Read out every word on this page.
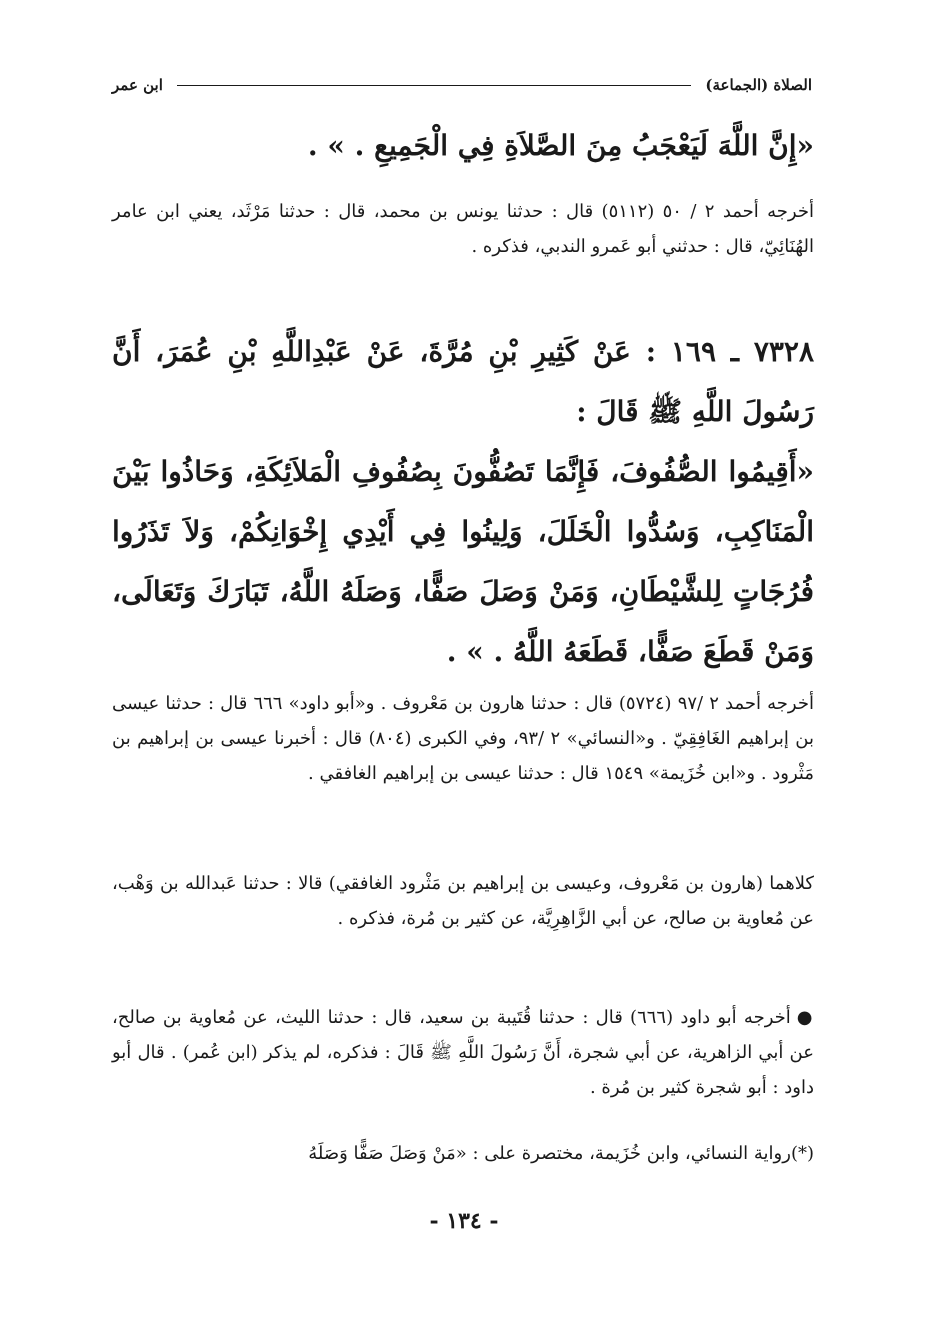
ابن عمر	الصلاة (الجماعة)

«إِنَّ اللَّهَ لَيَعْجَبُ مِنَ الصَّلاَةِ فِي الْجَمِيعِ . » .

أخرجه أحمد ٢ / ٥٠ (٥١١٢) قال : حدثنا يونس بن محمد، قال : حدثنا مَرْثَد، يعني ابن عامر الهُنَائِيّ، قال : حدثني أبو عَمرو الندبي، فذكره .

٧٣٢٨ ـ ١٦٩ : عَنْ كَثِيرِ بْنِ مُرَّةَ، عَنْ عَبْدِاللَّهِ بْنِ عُمَرَ، أَنَّ رَسُولَ اللَّهِ ﷺ قَالَ :

«أَقِيمُوا الصُّفُوفَ، فَإِنَّمَا تَصُفُّونَ بِصُفُوفِ الْمَلاَئِكَةِ، وَحَاذُوا بَيْنَ الْمَنَاكِبِ، وَسُدُّوا الْخَلَلَ، وَلِينُوا فِي أَيْدِي إِخْوَانِكُمْ، وَلاَ تَذَرُوا فُرُجَاتٍ لِلشَّيْطَانِ، وَمَنْ وَصَلَ صَفًّا، وَصَلَهُ اللَّهُ، تَبَارَكَ وَتَعَالَى، وَمَنْ قَطَعَ صَفًّا، قَطَعَهُ اللَّهُ . » .

أخرجه أحمد ٢ /٩٧ (٥٧٢٤) قال : حدثنا هارون بن مَعْروف . و«أبو داود» ٦٦٦ قال : حدثنا عيسى بن إبراهيم الغَافِقِيّ . و«النسائي» ٢ /٩٣، وفي الكبرى (٨٠٤) قال : أخبرنا عيسى بن إبراهيم بن مَثْرود . و«ابن خُزَيمة» ١٥٤٩ قال : حدثنا عيسى بن إبراهيم الغافقي .

كلاهما (هارون بن مَعْروف، وعيسى بن إبراهيم بن مَثْرود الغافقي) قالا : حدثنا عَبدالله بن وَهْب، عن مُعاوية بن صالح، عن أبي الزَّاهِرِيَّة، عن كثير بن مُرة، فذكره .

●أخرجه أبو داود (٦٦٦) قال : حدثنا قُتَيبة بن سعيد، قال : حدثنا الليث، عن مُعاوية بن صالح، عن أبي الزاهرية، عن أبي شجرة، أَنَّ رَسُولَ اللَّهِ ﷺ قَالَ : فذكره، لم يذكر (ابن عُمر) . قال أبو داود : أبو شجرة كثير بن مُرة .

(*)رواية النسائي، وابن خُزَيمة، مختصرة على : «مَنْ وَصَلَ صَفًّا وَصَلَهُ

- ١٣٤ -
